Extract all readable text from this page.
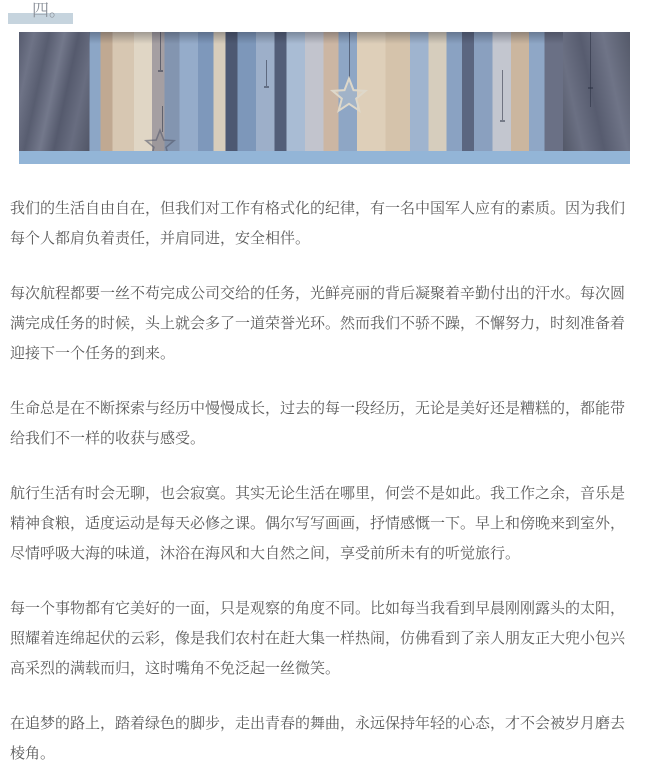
四。

我们的生活自由自在，但我们对工作有格式化的纪律，有一名中国军人应有的素质。因为我们每个人都肩负着责任，并肩同进，安全相伴。

每次航程都要一丝不苟完成公司交给的任务，光鲜亮丽的背后凝聚着辛勤付出的汗水。每次圆满完成任务的时候，头上就会多了一道荣誉光环。然而我们不骄不躁，不懈努力，时刻准备着迎接下一个任务的到来。

生命总是在不断探索与经历中慢慢成长，过去的每一段经历，无论是美好还是糟糕的，都能带给我们不一样的收获与感受。

航行生活有时会无聊，也会寂寞。其实无论生活在哪里，何尝不是如此。我工作之余，音乐是精神食粮，适度运动是每天必修之课。偶尔写写画画，抒情感慨一下。早上和傍晚来到室外，尽情呼吸大海的味道，沐浴在海风和大自然之间，享受前所未有的听觉旅行。

每一个事物都有它美好的一面，只是观察的角度不同。比如每当我看到早晨刚刚露头的太阳，照耀着连绵起伏的云彩，像是我们农村在赶大集一样热闹，仿佛看到了亲人朋友正大兜小包兴高采烈的满载而归，这时嘴角不免泛起一丝微笑。

在追梦的路上，踏着绿色的脚步，走出青春的舞曲，永远保持年轻的心态，才不会被岁月磨去棱角。
